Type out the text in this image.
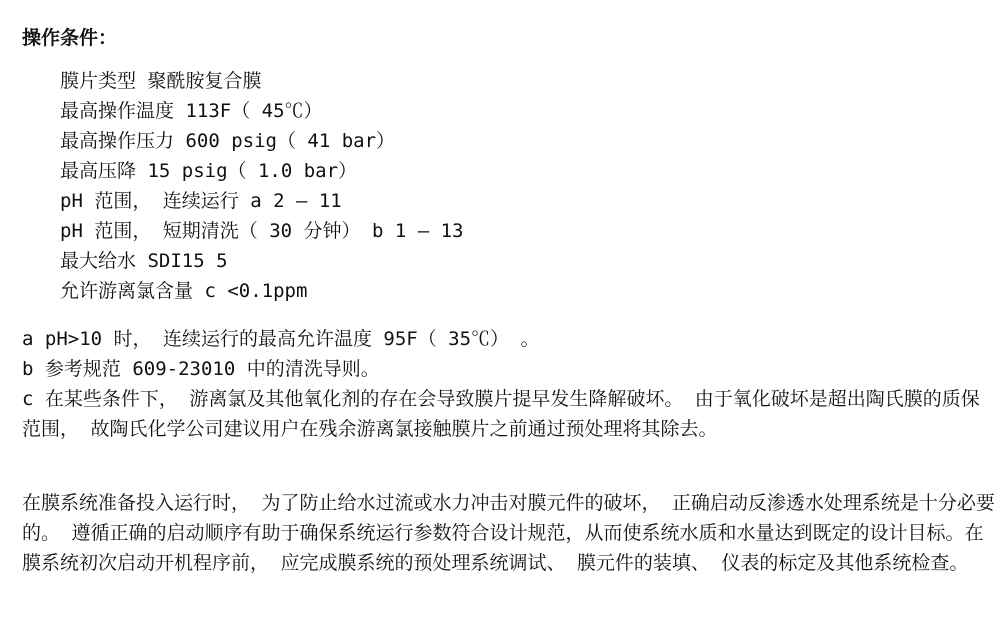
操作条件：
膜片类型 聚酰胺复合膜
最高操作温度 113F（ 45℃）
最高操作压力 600 psig（ 41 bar）
最高压降 15 psig（ 1.0 bar）
pH 范围， 连续运行 a 2 – 11
pH 范围， 短期清洗（ 30 分钟） b 1 – 13
最大给水 SDI15 5
允许游离氯含量 c <0.1ppm

a pH>10 时， 连续运行的最高允许温度 95F（ 35℃） 。

b 参考规范 609-23010 中的清洗导则。

c 在某些条件下， 游离氯及其他氧化剂的存在会导致膜片提早发生降解破坏。 由于氧化破坏是超出陶氏膜的质保范围， 故陶氏化学公司建议用户在残余游离氯接触膜片之前通过预处理将其除去。

在膜系统准备投入运行时， 为了防止给水过流或水力冲击对膜元件的破坏， 正确启动反渗透水处理系统是十分必要的。 遵循正确的启动顺序有助于确保系统运行参数符合设计规范，从而使系统水质和水量达到既定的设计目标。在膜系统初次启动开机程序前， 应完成膜系统的预处理系统调试、 膜元件的装填、 仪表的标定及其他系统检查。
